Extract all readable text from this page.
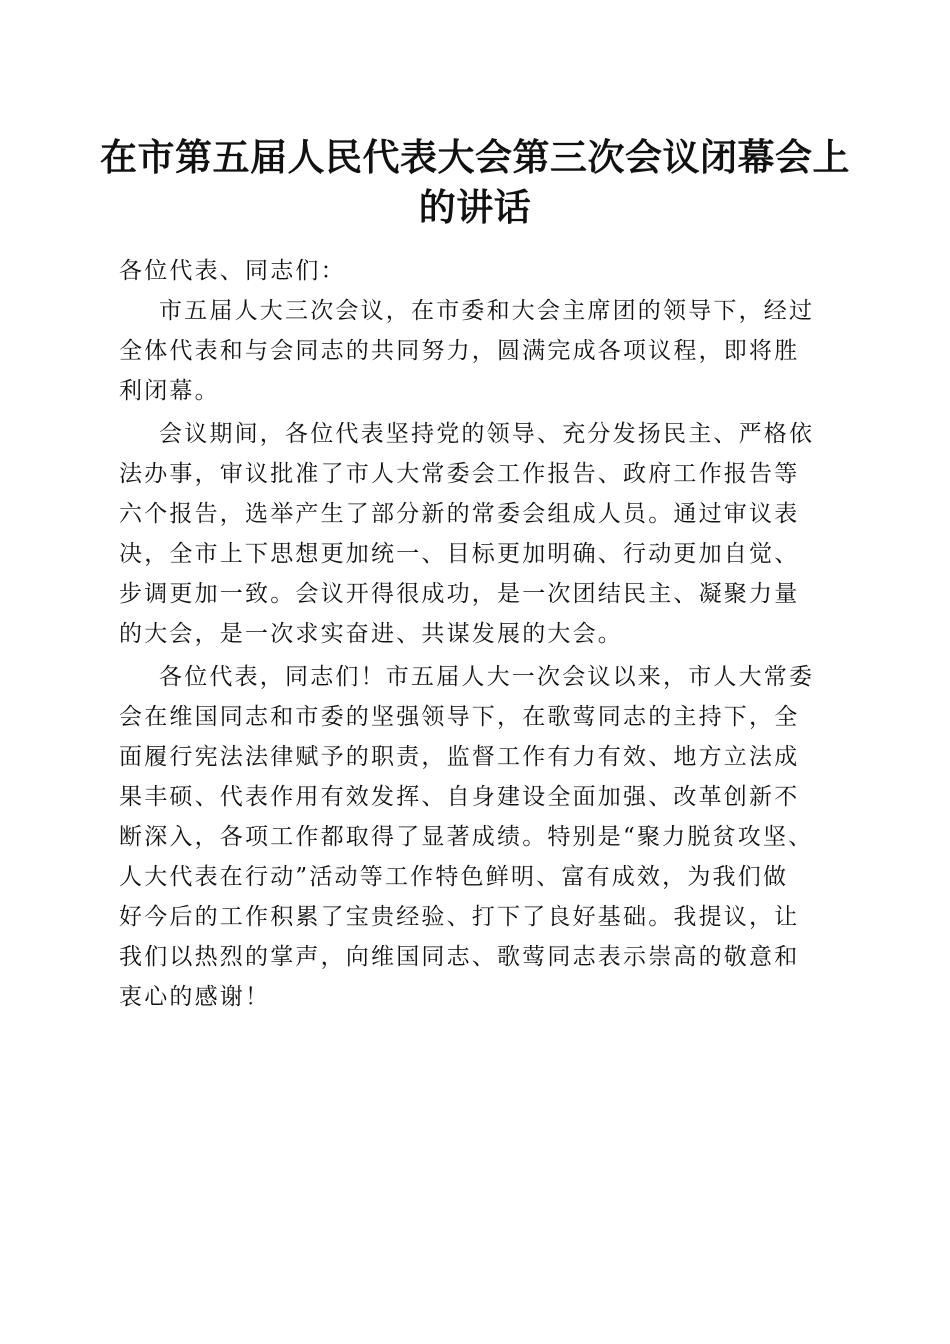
在市第五届人民代表大会第三次会议闭幕会上
的讲话

各位代表、同志们：

市五届人大三次会议，在市委和大会主席团的领导下，经过
全体代表和与会同志的共同努力，圆满完成各项议程，即将胜
利闭幕。

会议期间，各位代表坚持党的领导、充分发扬民主、严格依
法办事，审议批准了市人大常委会工作报告、政府工作报告等
六个报告，选举产生了部分新的常委会组成人员。通过审议表
决，全市上下思想更加统一、目标更加明确、行动更加自觉、
步调更加一致。会议开得很成功，是一次团结民主、凝聚力量
的大会，是一次求实奋进、共谋发展的大会。

各位代表，同志们！市五届人大一次会议以来，市人大常委
会在维国同志和市委的坚强领导下，在歌莺同志的主持下，全
面履行宪法法律赋予的职责，监督工作有力有效、地方立法成
果丰硕、代表作用有效发挥、自身建设全面加强、改革创新不
断深入，各项工作都取得了显著成绩。特别是“聚力脱贫攻坚、
人大代表在行动”活动等工作特色鲜明、富有成效，为我们做
好今后的工作积累了宝贵经验、打下了良好基础。我提议，让
我们以热烈的掌声，向维国同志、歌莺同志表示崇高的敬意和
衷心的感谢！
